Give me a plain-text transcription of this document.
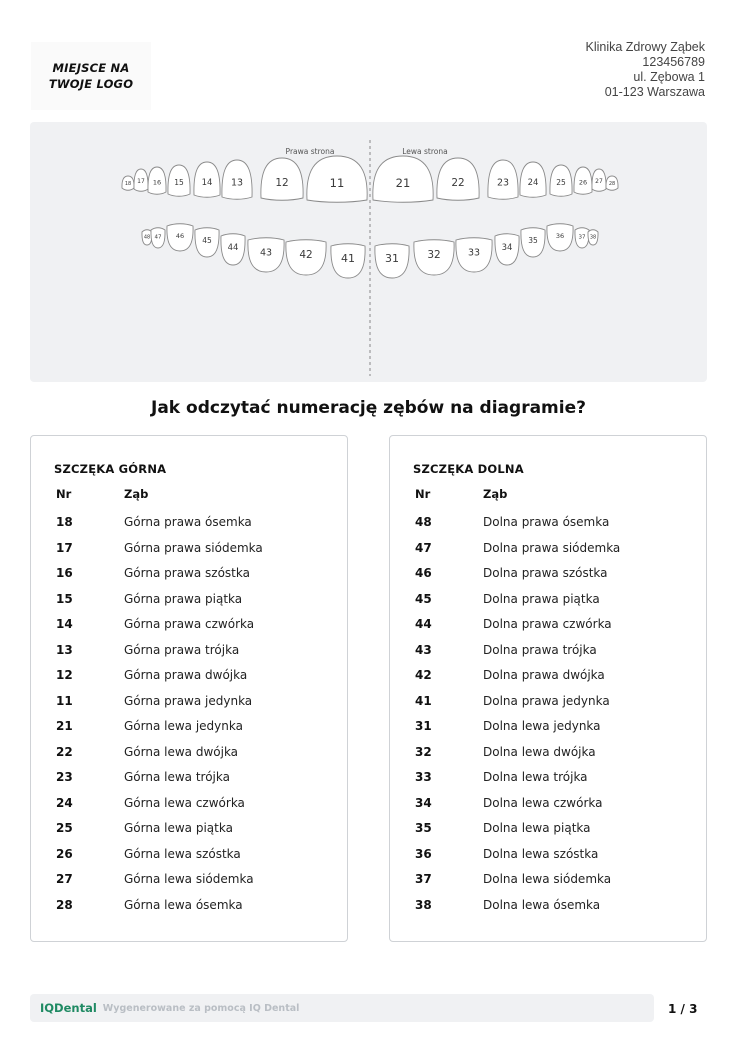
MIEJSCE NA
TWOJE LOGO
Klinika Zdrowy Ząbek
123456789
ul. Zębowa 1
01-123 Warszawa
Prawa strona	Lewa strona
18 17 16 15 14 13	12	11	21	22	23 24 25 26 27 28
48 47 46 45
44 43	42	41	31	32	33	34
35	36	37 38
Jak odczytać numerację zębów na diagramie?
SZCZĘKA GÓRNA
Nr	Ząb
18	Górna prawa ósemka
17	Górna prawa siódemka
16	Górna prawa szóstka
15	Górna prawa piątka
14	Górna prawa czwórka
13	Górna prawa trójka
12	Górna prawa dwójka
11	Górna prawa jedynka
21	Górna lewa jedynka
22	Górna lewa dwójka
23	Górna lewa trójka
24	Górna lewa czwórka
25	Górna lewa piątka
26	Górna lewa szóstka
27	Górna lewa siódemka
28	Górna lewa ósemka
SZCZĘKA DOLNA
Nr	Ząb
48	Dolna prawa ósemka
47	Dolna prawa siódemka
46	Dolna prawa szóstka
45	Dolna prawa piątka
44	Dolna prawa czwórka
43	Dolna prawa trójka
42	Dolna prawa dwójka
41	Dolna prawa jedynka
31	Dolna lewa jedynka
32	Dolna lewa dwójka
33	Dolna lewa trójka
34	Dolna lewa czwórka
35	Dolna lewa piątka
36	Dolna lewa szóstka
37	Dolna lewa siódemka
38	Dolna lewa ósemka
IQDental Wygenerowane za pomocą IQ Dental	1 / 3
